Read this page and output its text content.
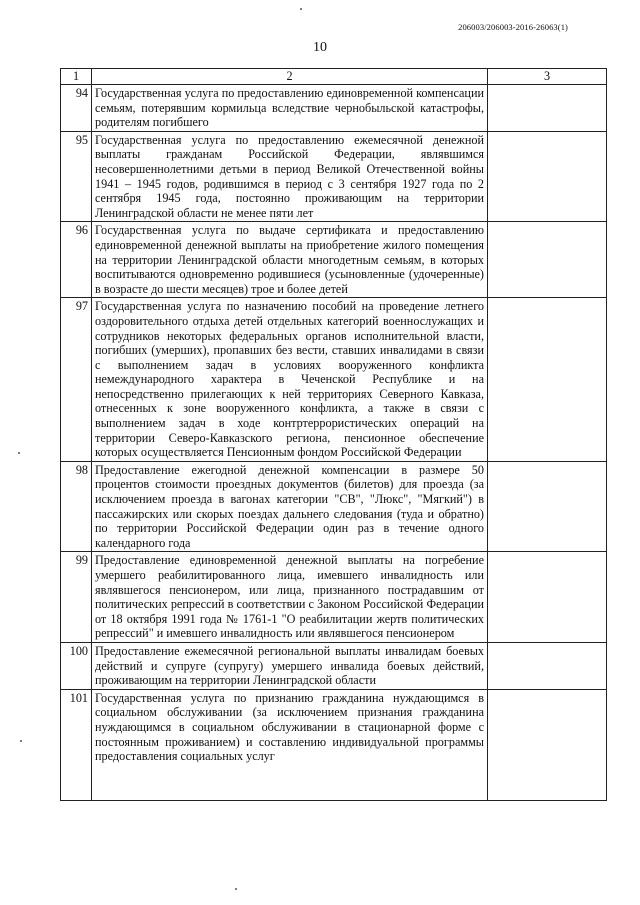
206003/206003-2016-26063(1)
10
1	2	3
94	Государственная услуга по предоставлению единовременной компенсации семьям, потерявшим кормильца вследствие чернобыльской катастрофы, родителям погибшего	
95	Государственная услуга по предоставлению ежемесячной денежной выплаты гражданам Российской Федерации, являвшимся несовершеннолетними детьми в период Великой Отечественной войны 1941 – 1945 годов, родившимся в период с 3 сентября 1927 года по 2 сентября 1945 года, постоянно проживающим на территории Ленинградской области не менее пяти лет	
96	Государственная услуга по выдаче сертификата и предоставлению единовременной денежной выплаты на приобретение жилого помещения на территории Ленинградской области многодетным семьям, в которых воспитываются одновременно родившиеся (усыновленные (удочеренные) в возрасте до шести месяцев) трое и более детей	
97	Государственная услуга по назначению пособий на проведение летнего оздоровительного отдыха детей отдельных категорий военнослужащих и сотрудников некоторых федеральных органов исполнительной власти, погибших (умерших), пропавших без вести, ставших инвалидами в связи с выполнением задач в условиях вооруженного конфликта немеждународного характера в Чеченской Республике и на непосредственно прилегающих к ней территориях Северного Кавказа, отнесенных к зоне вооруженного конфликта, а также в связи с выполнением задач в ходе контртеррористических операций на территории Северо-Кавказского региона, пенсионное обеспечение которых осуществляется Пенсионным фондом Российской Федерации	
98	Предоставление ежегодной денежной компенсации в размере 50 процентов стоимости проездных документов (билетов) для проезда (за исключением проезда в вагонах категории "СВ", "Люкс", "Мягкий") в пассажирских или скорых поездах дальнего следования (туда и обратно) по территории Российской Федерации один раз в течение одного календарного года	
99	Предоставление единовременной денежной выплаты на погребение умершего реабилитированного лица, имевшего инвалидность или являвшегося пенсионером, или лица, признанного пострадавшим от политических репрессий в соответствии с Законом Российской Федерации от 18 октября 1991 года № 1761-1 "О реабилитации жертв политических репрессий" и имевшего инвалидность или являвшегося пенсионером	
100	Предоставление ежемесячной региональной выплаты инвалидам боевых действий и супруге (супругу) умершего инвалида боевых действий, проживающим на территории Ленинградской области	
101	Государственная услуга по признанию гражданина нуждающимся в социальном обслуживании (за исключением признания гражданина нуждающимся в социальном обслуживании в стационарной форме с постоянным проживанием) и составлению индивидуальной программы предоставления социальных услуг	
